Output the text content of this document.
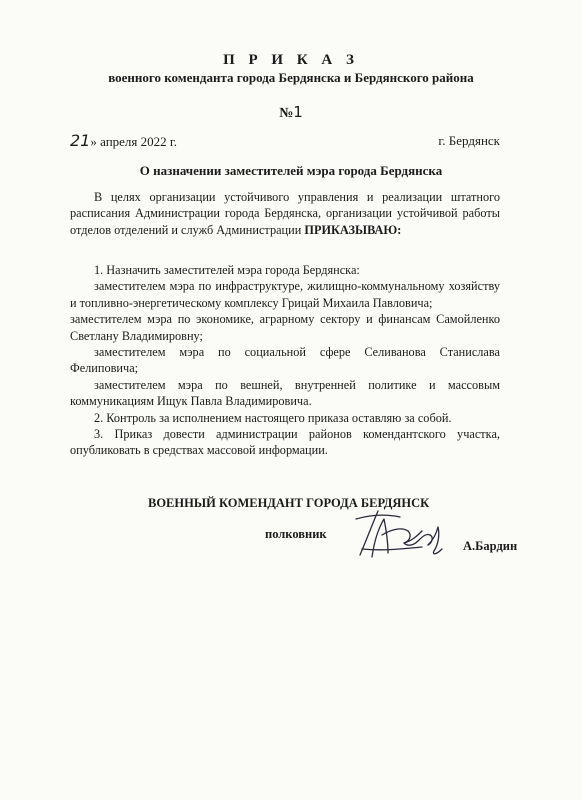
П Р И К А З
военного коменданта города Бердянска и Бердянского района
№1
21» апреля 2022 г.	г. Бердянск
О назначении заместителей мэра города Бердянска

В целях организации устойчивого управления и реализации штатного расписания Администрации города Бердянска, организации устойчивой работы отделов отделений и служб Администрации ПРИКАЗЫВАЮ:

1. Назначить заместителей мэра города Бердянска:

заместителем мэра по инфраструктуре, жилищно-коммунальному хозяйству и топливно-энергетическому комплексу Грицай Михаила Павловича;

заместителем мэра по экономике, аграрному сектору и финансам Самойленко Светлану Владимировну;

заместителем мэра по социальной сфере Селиванова Станислава Фелиповича;

заместителем мэра по вешней, внутренней политике и массовым коммуникациям Ищук Павла Владимировича.

2. Контроль за исполнением настоящего приказа оставляю за собой.

3. Приказ довести администрации районов комендантского участка, опубликовать в средствах массовой информации.

ВОЕННЫЙ КОМЕНДАНТ ГОРОДА БЕРДЯНСК
полковник
А.Бардин
